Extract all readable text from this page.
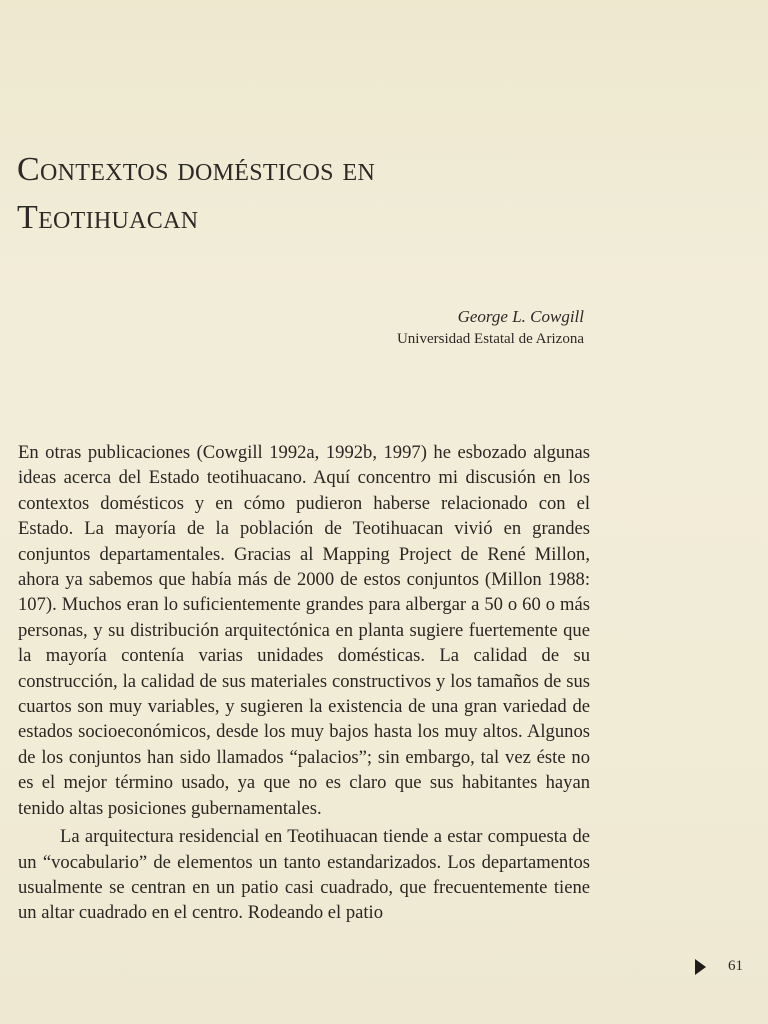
Contextos domésticos en
Teotihuacan
George L. Cowgill
Universidad Estatal de Arizona

En otras publicaciones (Cowgill 1992a, 1992b, 1997) he esbozado algunas ideas acerca del Estado teotihuacano. Aquí concentro mi discusión en los contextos domésticos y en cómo pudieron haberse relacionado con el Estado. La mayoría de la población de Teotihuacan vivió en grandes conjuntos departamentales. Gracias al Mapping Project de René Millon, ahora ya sabemos que había más de 2000 de estos conjuntos (Millon 1988: 107). Muchos eran lo suficientemente grandes para albergar a 50 o 60 o más personas, y su distribución arquitectónica en planta sugiere fuertemente que la mayoría contenía varias unidades domésticas. La calidad de su construcción, la calidad de sus materiales constructivos y los tamaños de sus cuartos son muy variables, y sugieren la existencia de una gran variedad de estados socioeconómicos, desde los muy bajos hasta los muy altos. Algunos de los conjuntos han sido llamados “palacios”; sin embargo, tal vez éste no es el mejor término usado, ya que no es claro que sus habitantes hayan tenido altas posiciones gubernamentales.

La arquitectura residencial en Teotihuacan tiende a estar compuesta de un “vocabulario” de elementos un tanto estandarizados. Los departamentos usualmente se centran en un patio casi cuadrado, que frecuentemente tiene un altar cuadrado en el centro. Rodeando el patio

61
